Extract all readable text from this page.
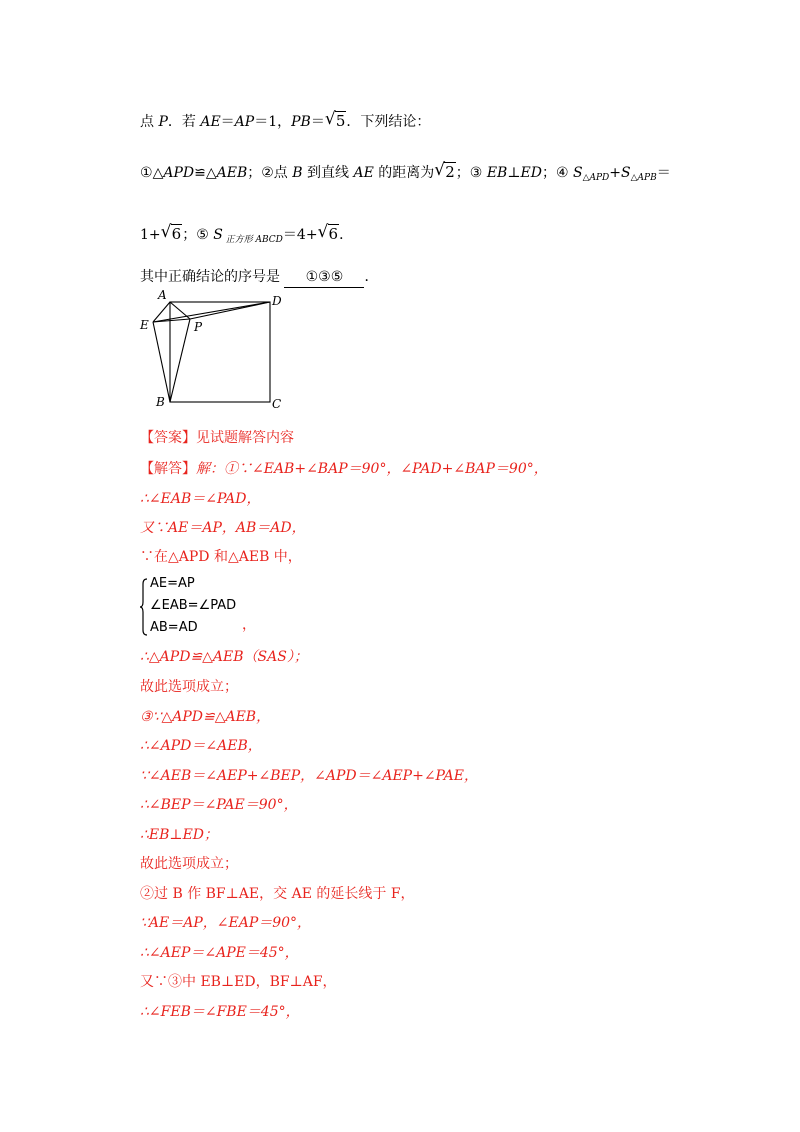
点 P．若 AE＝AP＝1，PB＝ √ 5．下列结论：
①△APD≌△AEB；②点 B 到直线 AE 的距离为 √ 2；③ EB⊥ED；④ $S_{\triangle APD}+S_{\triangle APB}=$
1+ √ 6；⑤ S $_{正方形 ABCD}$＝4+ √ 6．
其中正确结论的序号是 ①③⑤ ．
A	D
E	P
B	C
【答案】见试题解答内容
【解答】解：①∵∠EAB+∠BAP＝90°，∠PAD+∠BAP＝90°，
∴∠EAB＝∠PAD，
又∵AE＝AP，AB＝AD，
∵在△APD 和△AEB 中，
AE=AP
∠EAB=∠PAD
AB=AD	，
∴△APD≌△AEB（SAS）；
故此选项成立；
③∵△APD≌△AEB，
∴∠APD＝∠AEB，
∵∠AEB＝∠AEP+∠BEP，∠APD＝∠AEP+∠PAE，
∴∠BEP＝∠PAE＝90°，
∴EB⊥ED；
故此选项成立；
②过 B 作 BF⊥AE，交 AE 的延长线于 F，
∵AE＝AP，∠EAP＝90°，
∴∠AEP＝∠APE＝45°，
又∵③中 EB⊥ED，BF⊥AF，
∴∠FEB＝∠FBE＝45°，
